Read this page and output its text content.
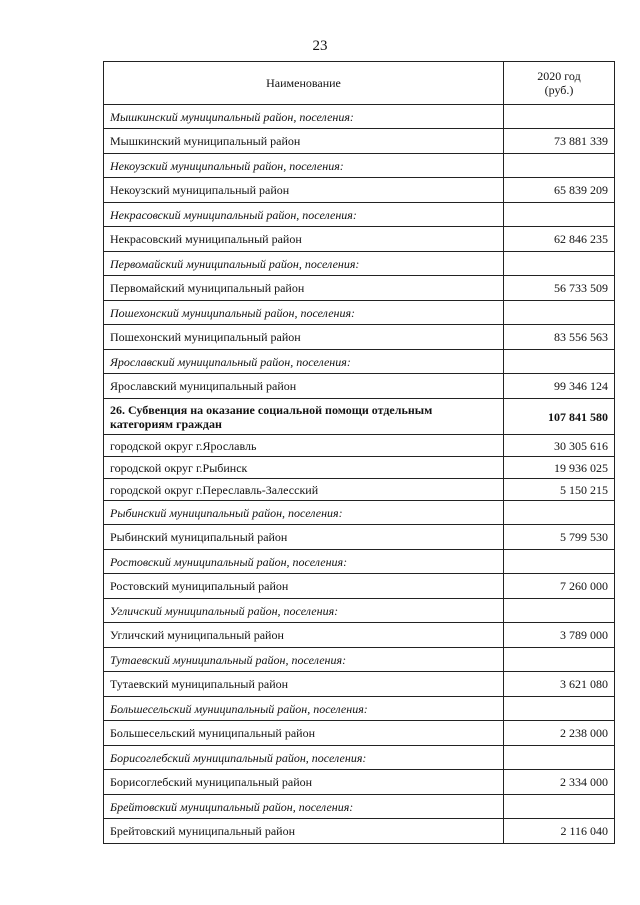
23
Наименование	2020 год
(руб.)
Мышкинский муниципальный район, поселения:	
Мышкинский муниципальный район	73 881 339
Некоузский муниципальный район, поселения:	
Некоузский муниципальный район	65 839 209
Некрасовский муниципальный район, поселения:	
Некрасовский муниципальный район	62 846 235
Первомайский муниципальный район, поселения:	
Первомайский муниципальный район	56 733 509
Пошехонский муниципальный район, поселения:	
Пошехонский муниципальный район	83 556 563
Ярославский муниципальный район, поселения:	
Ярославский муниципальный район	99 346 124
26. Субвенция на оказание социальной помощи отдельным категориям граждан	107 841 580
городской округ г.Ярославль	30 305 616
городской округ г.Рыбинск	19 936 025
городской округ г.Переславль-Залесский	5 150 215
Рыбинский муниципальный район, поселения:	
Рыбинский муниципальный район	5 799 530
Ростовский муниципальный район, поселения:	
Ростовский муниципальный район	7 260 000
Угличский муниципальный район, поселения:	
Угличский муниципальный район	3 789 000
Тутаевский муниципальный район, поселения:	
Тутаевский муниципальный район	3 621 080
Большесельский муниципальный район, поселения:	
Большесельский муниципальный район	2 238 000
Борисоглебский муниципальный район, поселения:	
Борисоглебский муниципальный район	2 334 000
Брейтовский муниципальный район, поселения:	
Брейтовский муниципальный район	2 116 040
